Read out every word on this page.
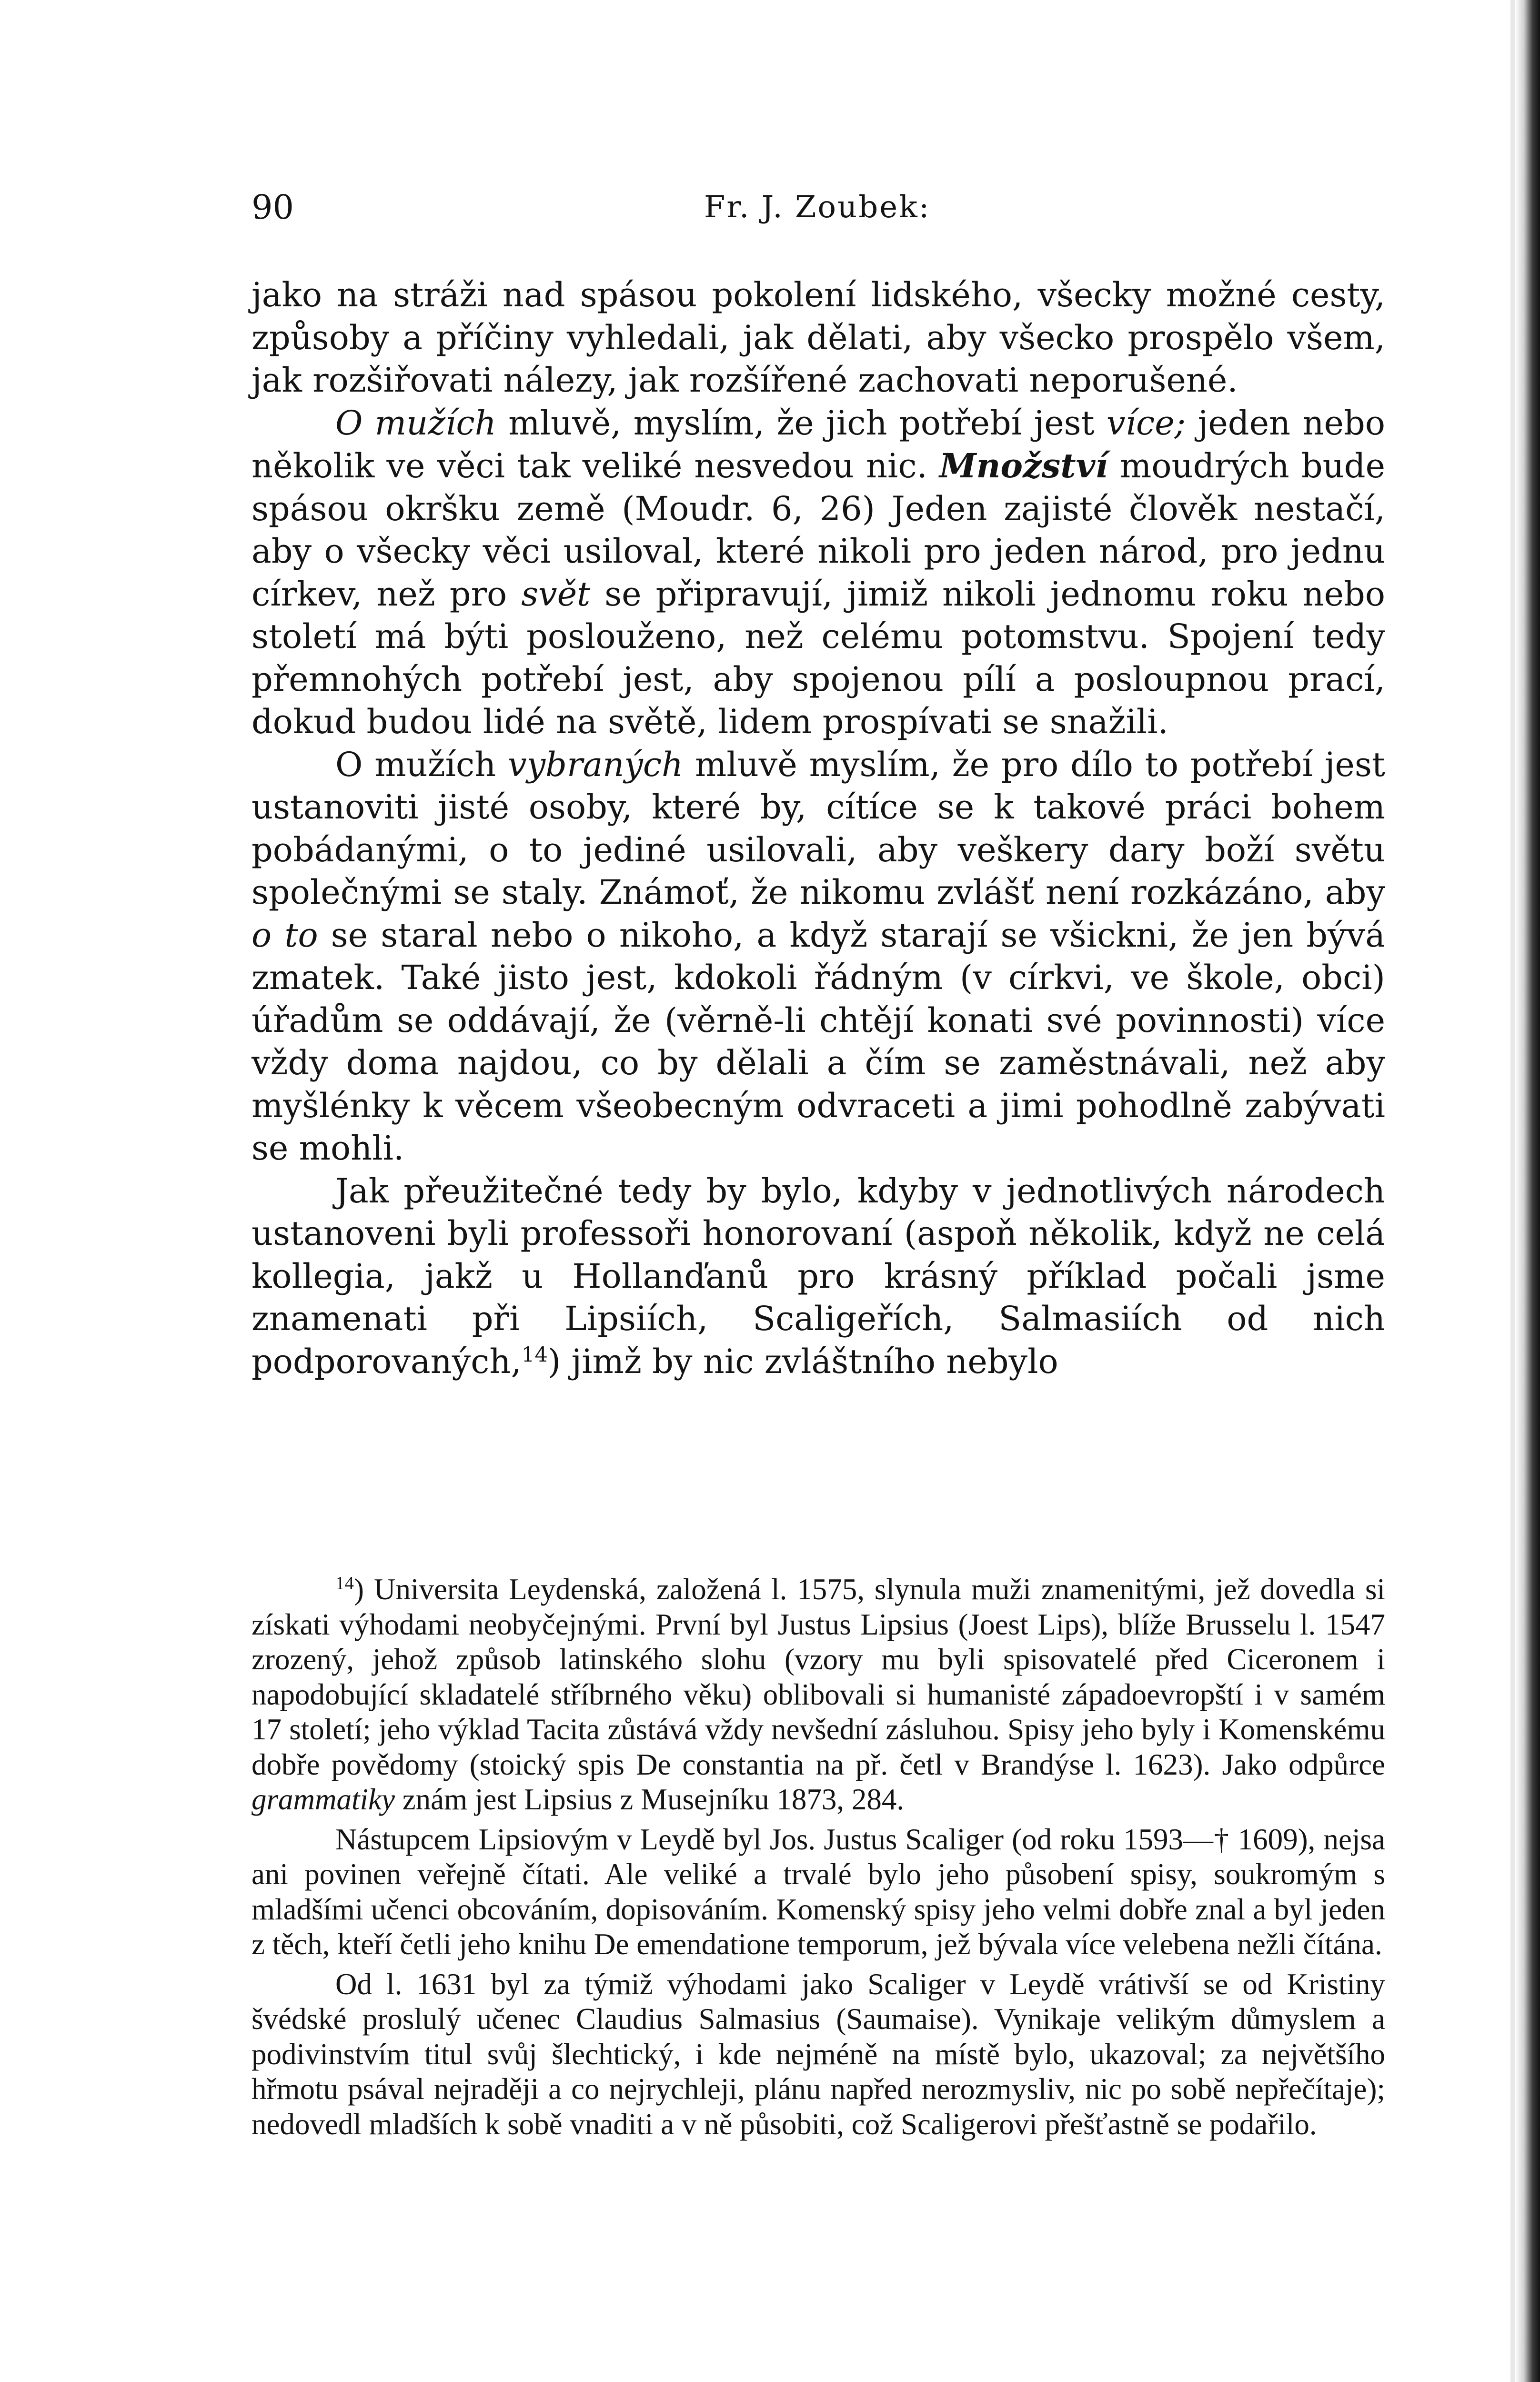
90	Fr. J. Zoubek:

jako na stráži nad spásou pokolení lidského, všecky možné cesty, způsoby a příčiny vyhledali, jak dělati, aby všecko prospělo všem, jak rozšiřovati nálezy, jak rozšířené zachovati neporušené.

O mužích mluvě, myslím, že jich potřebí jest více; jeden nebo několik ve věci tak veliké nesvedou nic. Množství moudrých bude spásou okršku země (Moudr. 6, 26) Jeden zajisté člověk nestačí, aby o všecky věci usiloval, které nikoli pro jeden národ, pro jednu církev, než pro svět se připravují, jimiž nikoli jednomu roku nebo století má býti poslouženo, než celému potomstvu. Spojení tedy přemnohých potřebí jest, aby spojenou pílí a posloupnou prací, dokud budou lidé na světě, lidem prospívati se snažili.

O mužích vybraných mluvě myslím, že pro dílo to potřebí jest ustanoviti jisté osoby, které by, cítíce se k takové práci bohem pobádanými, o to jediné usilovali, aby veškery dary boží světu společnými se staly. Známoť, že nikomu zvlášť není rozkázáno, aby o to se staral nebo o nikoho, a když starají se všickni, že jen bývá zmatek. Také jisto jest, kdokoli řádným (v církvi, ve škole, obci) úřadům se oddávají, že (věrně-li chtějí konati své povinnosti) více vždy doma najdou, co by dělali a čím se zaměstnávali, než aby myšlénky k věcem všeobecným odvraceti a jimi pohodlně zabývati se mohli.

Jak přeužitečné tedy by bylo, kdyby v jednotlivých národech ustanoveni byli professoři honorovaní (aspoň několik, když ne celá kollegia, jakž u Hollanďanů pro krásný příklad počali jsme znamenati při Lipsiích, Scaligeřích, Salmasiích od nich podporovaných,$^{14}$) jimž by nic zvláštního nebylo

$^{14}$) Universita Leydenská, založená l. 1575, slynula muži znamenitými, jež dovedla si získati výhodami neobyčejnými. První byl Justus Lipsius (Joest Lips), blíže Brusselu l. 1547 zrozený, jehož způsob latinského slohu (vzory mu byli spisovatelé před Ciceronem i napodobující skladatelé stříbrného věku) oblibovali si humanisté západoevropští i v samém 17 století; jeho výklad Tacita zůstává vždy nevšední zásluhou. Spisy jeho byly i Komenskému dobře povědomy (stoický spis De constantia na př. četl v Brandýse l. 1623). Jako odpůrce grammatiky znám jest Lipsius z Musejníku 1873, 284.

Nástupcem Lipsiovým v Leydě byl Jos. Justus Scaliger (od roku 1593—† 1609), nejsa ani povinen veřejně čítati. Ale veliké a trvalé bylo jeho působení spisy, soukromým s mladšími učenci obcováním, dopisováním. Komenský spisy jeho velmi dobře znal a byl jeden z těch, kteří četli jeho knihu De emendatione temporum, jež bývala více velebena nežli čítána.

Od l. 1631 byl za týmiž výhodami jako Scaliger v Leydě vrátivší se od Kristiny švédské proslulý učenec Claudius Salmasius (Saumaise). Vynikaje velikým důmyslem a podivinstvím titul svůj šlechtický, i kde nejméně na místě bylo, ukazoval; za největšího hřmotu psával nejraději a co nejrychleji, plánu napřed nerozmysliv, nic po sobě nepřečítaje); nedovedl mladších k sobě vnaditi a v ně působiti, což Scaligerovi přešťastně se podařilo.
